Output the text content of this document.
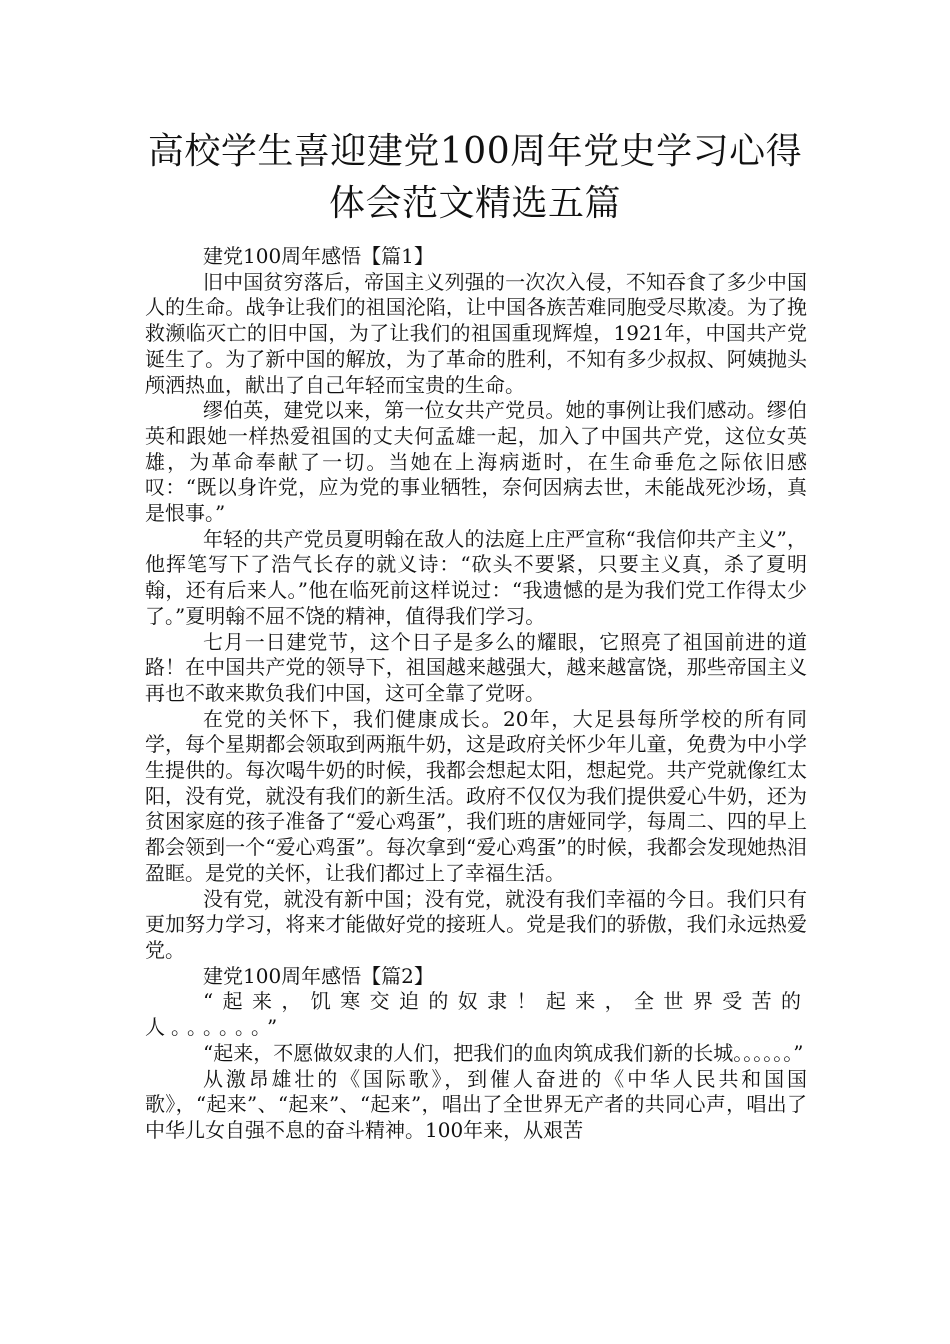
高校学生喜迎建党100周年党史学习心得
体会范文精选五篇

建党100周年感悟【篇1】

旧中国贫穷落后，帝国主义列强的一次次入侵，不知吞食了多少中国人的生命。战争让我们的祖国沦陷，让中国各族苦难同胞受尽欺凌。为了挽救濒临灭亡的旧中国，为了让我们的祖国重现辉煌，1921年，中国共产党诞生了。为了新中国的解放，为了革命的胜利，不知有多少叔叔、阿姨抛头颅洒热血，献出了自己年轻而宝贵的生命。

缪伯英，建党以来，第一位女共产党员。她的事例让我们感动。缪伯英和跟她一样热爱祖国的丈夫何孟雄一起，加入了中国共产党，这位女英雄，为革命奉献了一切。当她在上海病逝时，在生命垂危之际依旧感叹：“既以身许党，应为党的事业牺牲，奈何因病去世，未能战死沙场，真是恨事。”

年轻的共产党员夏明翰在敌人的法庭上庄严宣称“我信仰共产主义”，他挥笔写下了浩气长存的就义诗：“砍头不要紧，只要主义真，杀了夏明翰，还有后来人。”他在临死前这样说过：“我遗憾的是为我们党工作得太少了。”夏明翰不屈不饶的精神，值得我们学习。

七月一日建党节，这个日子是多么的耀眼，它照亮了祖国前进的道路！在中国共产党的领导下，祖国越来越强大，越来越富饶，那些帝国主义再也不敢来欺负我们中国，这可全靠了党呀。

在党的关怀下，我们健康成长。20年，大足县每所学校的所有同学，每个星期都会领取到两瓶牛奶，这是政府关怀少年儿童，免费为中小学生提供的。每次喝牛奶的时候，我都会想起太阳，想起党。共产党就像红太阳，没有党，就没有我们的新生活。政府不仅仅为我们提供爱心牛奶，还为贫困家庭的孩子准备了“爱心鸡蛋”，我们班的唐娅同学，每周二、四的早上都会领到一个“爱心鸡蛋”。每次拿到“爱心鸡蛋”的时候，我都会发现她热泪盈眶。是党的关怀，让我们都过上了幸福生活。

没有党，就没有新中国；没有党，就没有我们幸福的今日。我们只有更加努力学习，将来才能做好党的接班人。党是我们的骄傲，我们永远热爱党。

建党100周年感悟【篇2】

“起来，饥寒交迫的奴隶！起来，全世界受苦的人。。。。。。”

“起来，不愿做奴隶的人们，把我们的血肉筑成我们新的长城。。。。。。”

从激昂雄壮的《国际歌》，到催人奋进的《中华人民共和国国歌》，“起来”、“起来”、“起来”，唱出了全世界无产者的共同心声，唱出了中华儿女自强不息的奋斗精神。100年来，从艰苦
